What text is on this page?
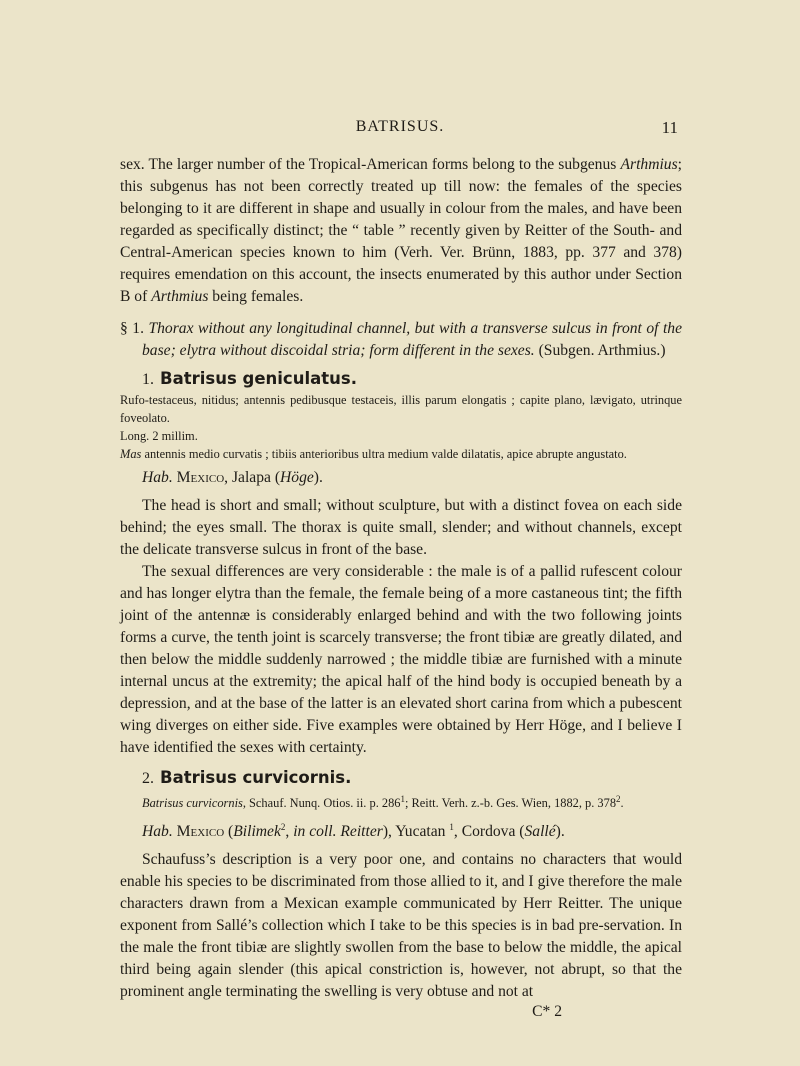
BATRISUS.	11

sex. The larger number of the Tropical-American forms belong to the subgenus Arthmius; this subgenus has not been correctly treated up till now: the females of the species belonging to it are different in shape and usually in colour from the males, and have been regarded as specifically distinct; the “ table ” recently given by Reitter of the South- and Central-American species known to him (Verh. Ver. Brünn, 1883, pp. 377 and 378) requires emendation on this account, the insects enumerated by this author under Section B of Arthmius being females.

§ 1. Thorax without any longitudinal channel, but with a transverse sulcus in front of the base; elytra without discoidal stria; form different in the sexes. (Subgen. Arthmius.)

1. Batrisus geniculatus.

Rufo-testaceus, nitidus; antennis pedibusque testaceis, illis parum elongatis ; capite plano, lævigato, utrinque foveolato.

Long. 2 millim.

Mas antennis medio curvatis ; tibiis anterioribus ultra medium valde dilatatis, apice abrupte angustato.

Hab. Mexico, Jalapa (Höge).

The head is short and small; without sculpture, but with a distinct fovea on each side behind; the eyes small. The thorax is quite small, slender; and without channels, except the delicate transverse sulcus in front of the base.

The sexual differences are very considerable : the male is of a pallid rufescent colour and has longer elytra than the female, the female being of a more castaneous tint; the fifth joint of the antennæ is considerably enlarged behind and with the two following joints forms a curve, the tenth joint is scarcely transverse; the front tibiæ are greatly dilated, and then below the middle suddenly narrowed ; the middle tibiæ are furnished with a minute internal uncus at the extremity; the apical half of the hind body is occupied beneath by a depression, and at the base of the latter is an elevated short carina from which a pubescent wing diverges on either side. Five examples were obtained by Herr Höge, and I believe I have identified the sexes with certainty.

2. Batrisus curvicornis.

Batrisus curvicornis, Schauf. Nunq. Otios. ii. p. $286^1$; Reitt. Verh. z.-b. Ges. Wien, 1882, p. $378^2$.

Hab. Mexico (Bilimek$^2$, in coll. Reitter), Yucatan $^1$, Cordova (Sallé).

Schaufuss’s description is a very poor one, and contains no characters that would enable his species to be discriminated from those allied to it, and I give therefore the male characters drawn from a Mexican example communicated by Herr Reitter. The unique exponent from Sallé’s collection which I take to be this species is in bad pre-servation. In the male the front tibiæ are slightly swollen from the base to below the middle, the apical third being again slender (this apical constriction is, however, not abrupt, so that the prominent angle terminating the swelling is very obtuse and not at

C* 2
